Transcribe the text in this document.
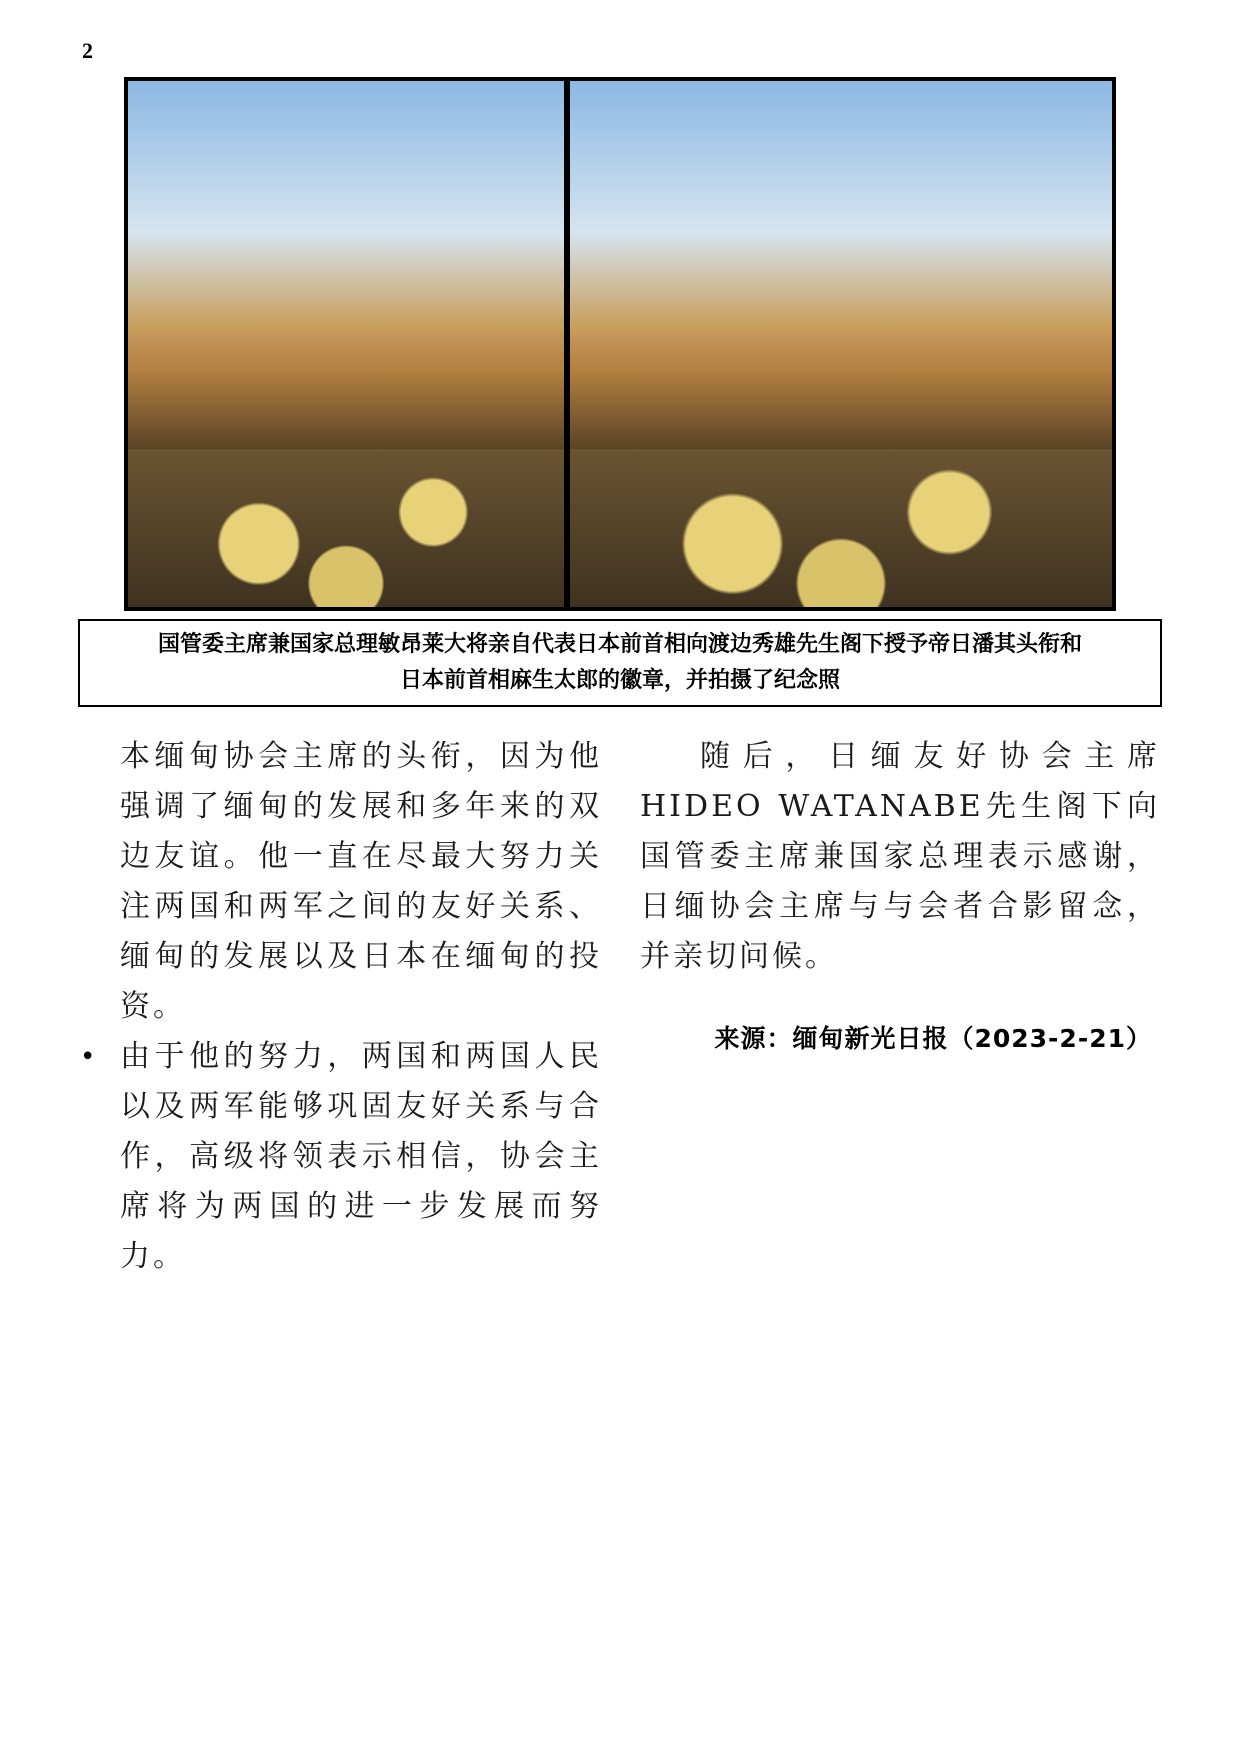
2
国管委主席兼国家总理敏昂莱大将亲自代表日本前首相向渡边秀雄先生阁下授予帝日潘其头衔和
日本前首相麻生太郎的徽章，并拍摄了纪念照

本缅甸协会主席的头衔，因为他强调了缅甸的发展和多年来的双边友谊。他一直在尽最大努力关注两国和两军之间的友好关系、缅甸的发展以及日本在缅甸的投资。

• 由于他的努力，两国和两国人民以及两军能够巩固友好关系与合作，高级将领表示相信，协会主席将为两国的进一步发展而努力。

随后，日缅友好协会主席HIDEO WATANABE先生阁下向国管委主席兼国家总理表示感谢，日缅协会主席与与会者合影留念，并亲切问候。

来源：缅甸新光日报（2023-2-21）
